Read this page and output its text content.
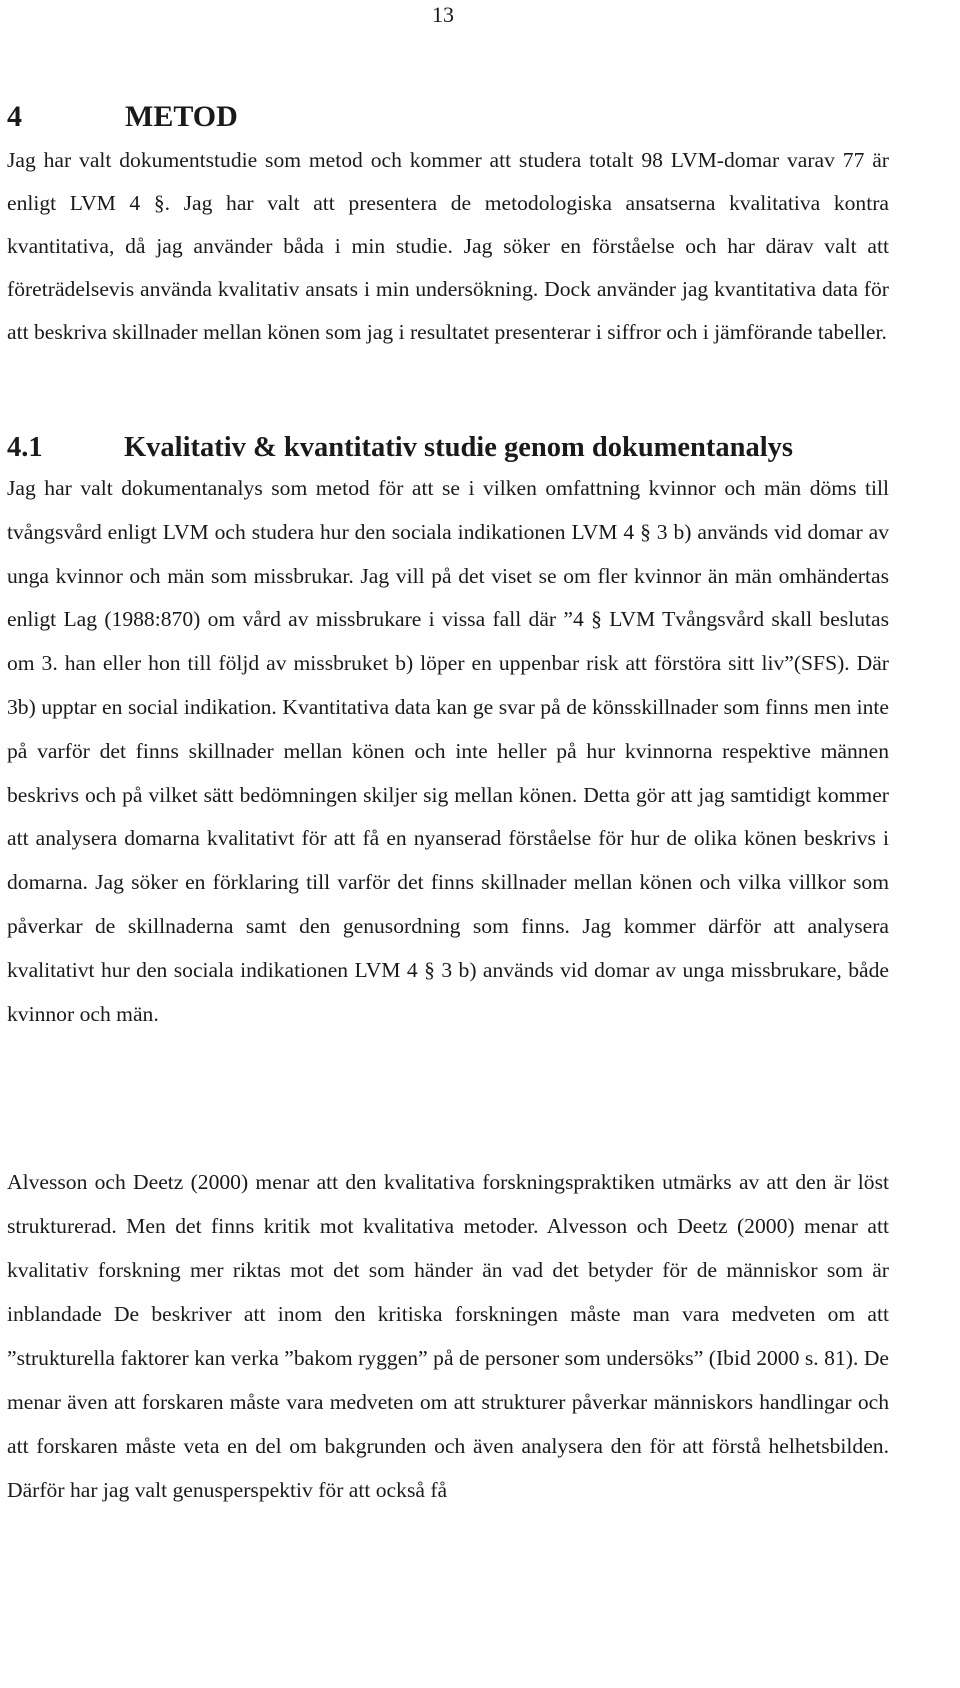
13
4	METOD

Jag har valt dokumentstudie som metod och kommer att studera totalt 98 LVM-domar varav 77 är enligt LVM 4 §. Jag har valt att presentera de metodologiska ansatserna kvalitativa kontra kvantitativa, då jag använder båda i min studie. Jag söker en förståelse och har därav valt att företrädelsevis använda kvalitativ ansats i min undersökning. Dock använder jag kvantitativa data för att beskriva skillnader mellan könen som jag i resultatet presenterar i siffror och i jämförande tabeller.

4.1	Kvalitativ & kvantitativ studie genom dokumentanalys

Jag har valt dokumentanalys som metod för att se i vilken omfattning kvinnor och män döms till tvångsvård enligt LVM och studera hur den sociala indikationen LVM 4 § 3 b) används vid domar av unga kvinnor och män som missbrukar. Jag vill på det viset se om fler kvinnor än män omhändertas enligt Lag (1988:870) om vård av missbrukare i vissa fall där ”4 § LVM Tvångsvård skall beslutas om 3. han eller hon till följd av missbruket b) löper en uppenbar risk att förstöra sitt liv”(SFS). Där 3b) upptar en social indikation. Kvantitativa data kan ge svar på de könsskillnader som finns men inte på varför det finns skillnader mellan könen och inte heller på hur kvinnorna respektive männen beskrivs och på vilket sätt bedömningen skiljer sig mellan könen. Detta gör att jag samtidigt kommer att analysera domarna kvalitativt för att få en nyanserad förståelse för hur de olika könen beskrivs i domarna. Jag söker en förklaring till varför det finns skillnader mellan könen och vilka villkor som påverkar de skillnaderna samt den genusordning som finns. Jag kommer därför att analysera kvalitativt hur den sociala indikationen LVM 4 § 3 b) används vid domar av unga missbrukare, både kvinnor och män.

Alvesson och Deetz (2000) menar att den kvalitativa forskningspraktiken utmärks av att den är löst strukturerad. Men det finns kritik mot kvalitativa metoder. Alvesson och Deetz (2000) menar att kvalitativ forskning mer riktas mot det som händer än vad det betyder för de människor som är inblandade De beskriver att inom den kritiska forskningen måste man vara medveten om att ”strukturella faktorer kan verka ”bakom ryggen” på de personer som undersöks” (Ibid 2000 s. 81). De menar även att forskaren måste vara medveten om att strukturer påverkar människors handlingar och att forskaren måste veta en del om bakgrunden och även analysera den för att förstå helhetsbilden. Därför har jag valt genusperspektiv för att också få
